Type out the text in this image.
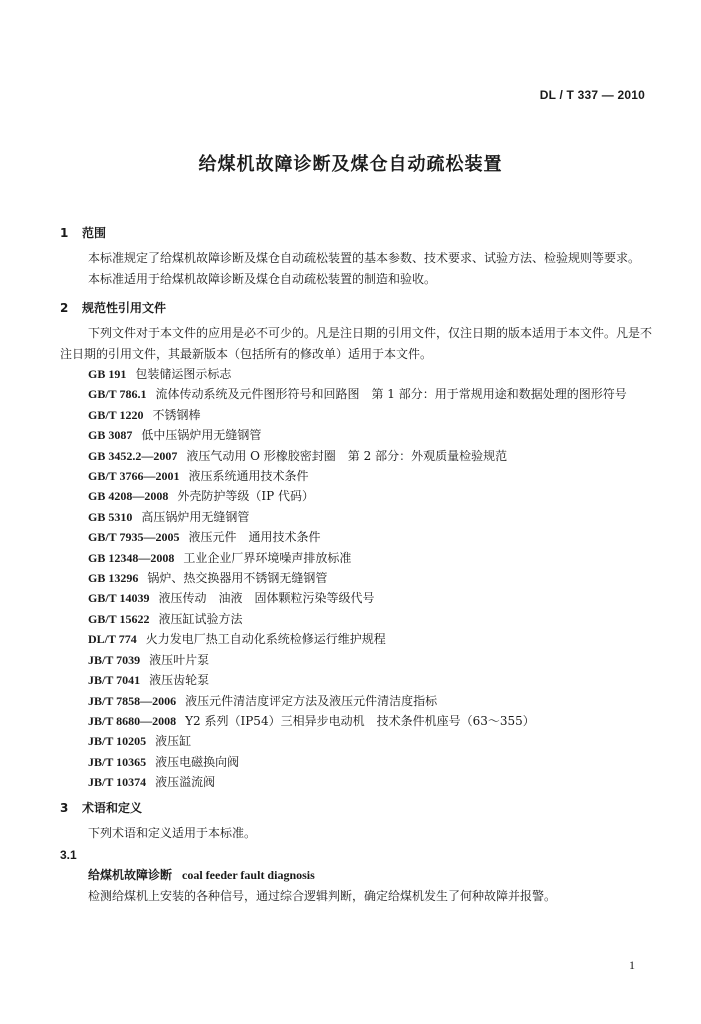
DL / T 337 — 2010
给煤机故障诊断及煤仓自动疏松装置
1 范围

本标准规定了给煤机故障诊断及煤仓自动疏松装置的基本参数、技术要求、试验方法、检验规则等要求。

本标准适用于给煤机故障诊断及煤仓自动疏松装置的制造和验收。

2 规范性引用文件

下列文件对于本文件的应用是必不可少的。凡是注日期的引用文件，仅注日期的版本适用于本文件。凡是不注日期的引用文件，其最新版本（包括所有的修改单）适用于本文件。

GB 191 包装储运图示标志
GB/T 786.1 流体传动系统及元件图形符号和回路图　第 1 部分：用于常规用途和数据处理的图形符号
GB/T 1220 不锈钢棒
GB 3087 低中压锅炉用无缝钢管
GB 3452.2—2007 液压气动用 O 形橡胶密封圈　第 2 部分：外观质量检验规范
GB/T 3766—2001 液压系统通用技术条件
GB 4208—2008 外壳防护等级（IP 代码）
GB 5310 高压锅炉用无缝钢管
GB/T 7935—2005 液压元件　通用技术条件
GB 12348—2008 工业企业厂界环境噪声排放标准
GB 13296 锅炉、热交换器用不锈钢无缝钢管
GB/T 14039 液压传动　油液　固体颗粒污染等级代号
GB/T 15622 液压缸试验方法
DL/T 774 火力发电厂热工自动化系统检修运行维护规程
JB/T 7039 液压叶片泵
JB/T 7041 液压齿轮泵
JB/T 7858—2006 液压元件清洁度评定方法及液压元件清洁度指标
JB/T 8680—2008 Y2 系列（IP54）三相异步电动机　技术条件机座号（63～355）
JB/T 10205 液压缸
JB/T 10365 液压电磁换向阀
JB/T 10374 液压溢流阀
3 术语和定义

下列术语和定义适用于本标准。

3.1
给煤机故障诊断 coal feeder fault diagnosis
检测给煤机上安装的各种信号，通过综合逻辑判断，确定给煤机发生了何种故障并报警。
1
